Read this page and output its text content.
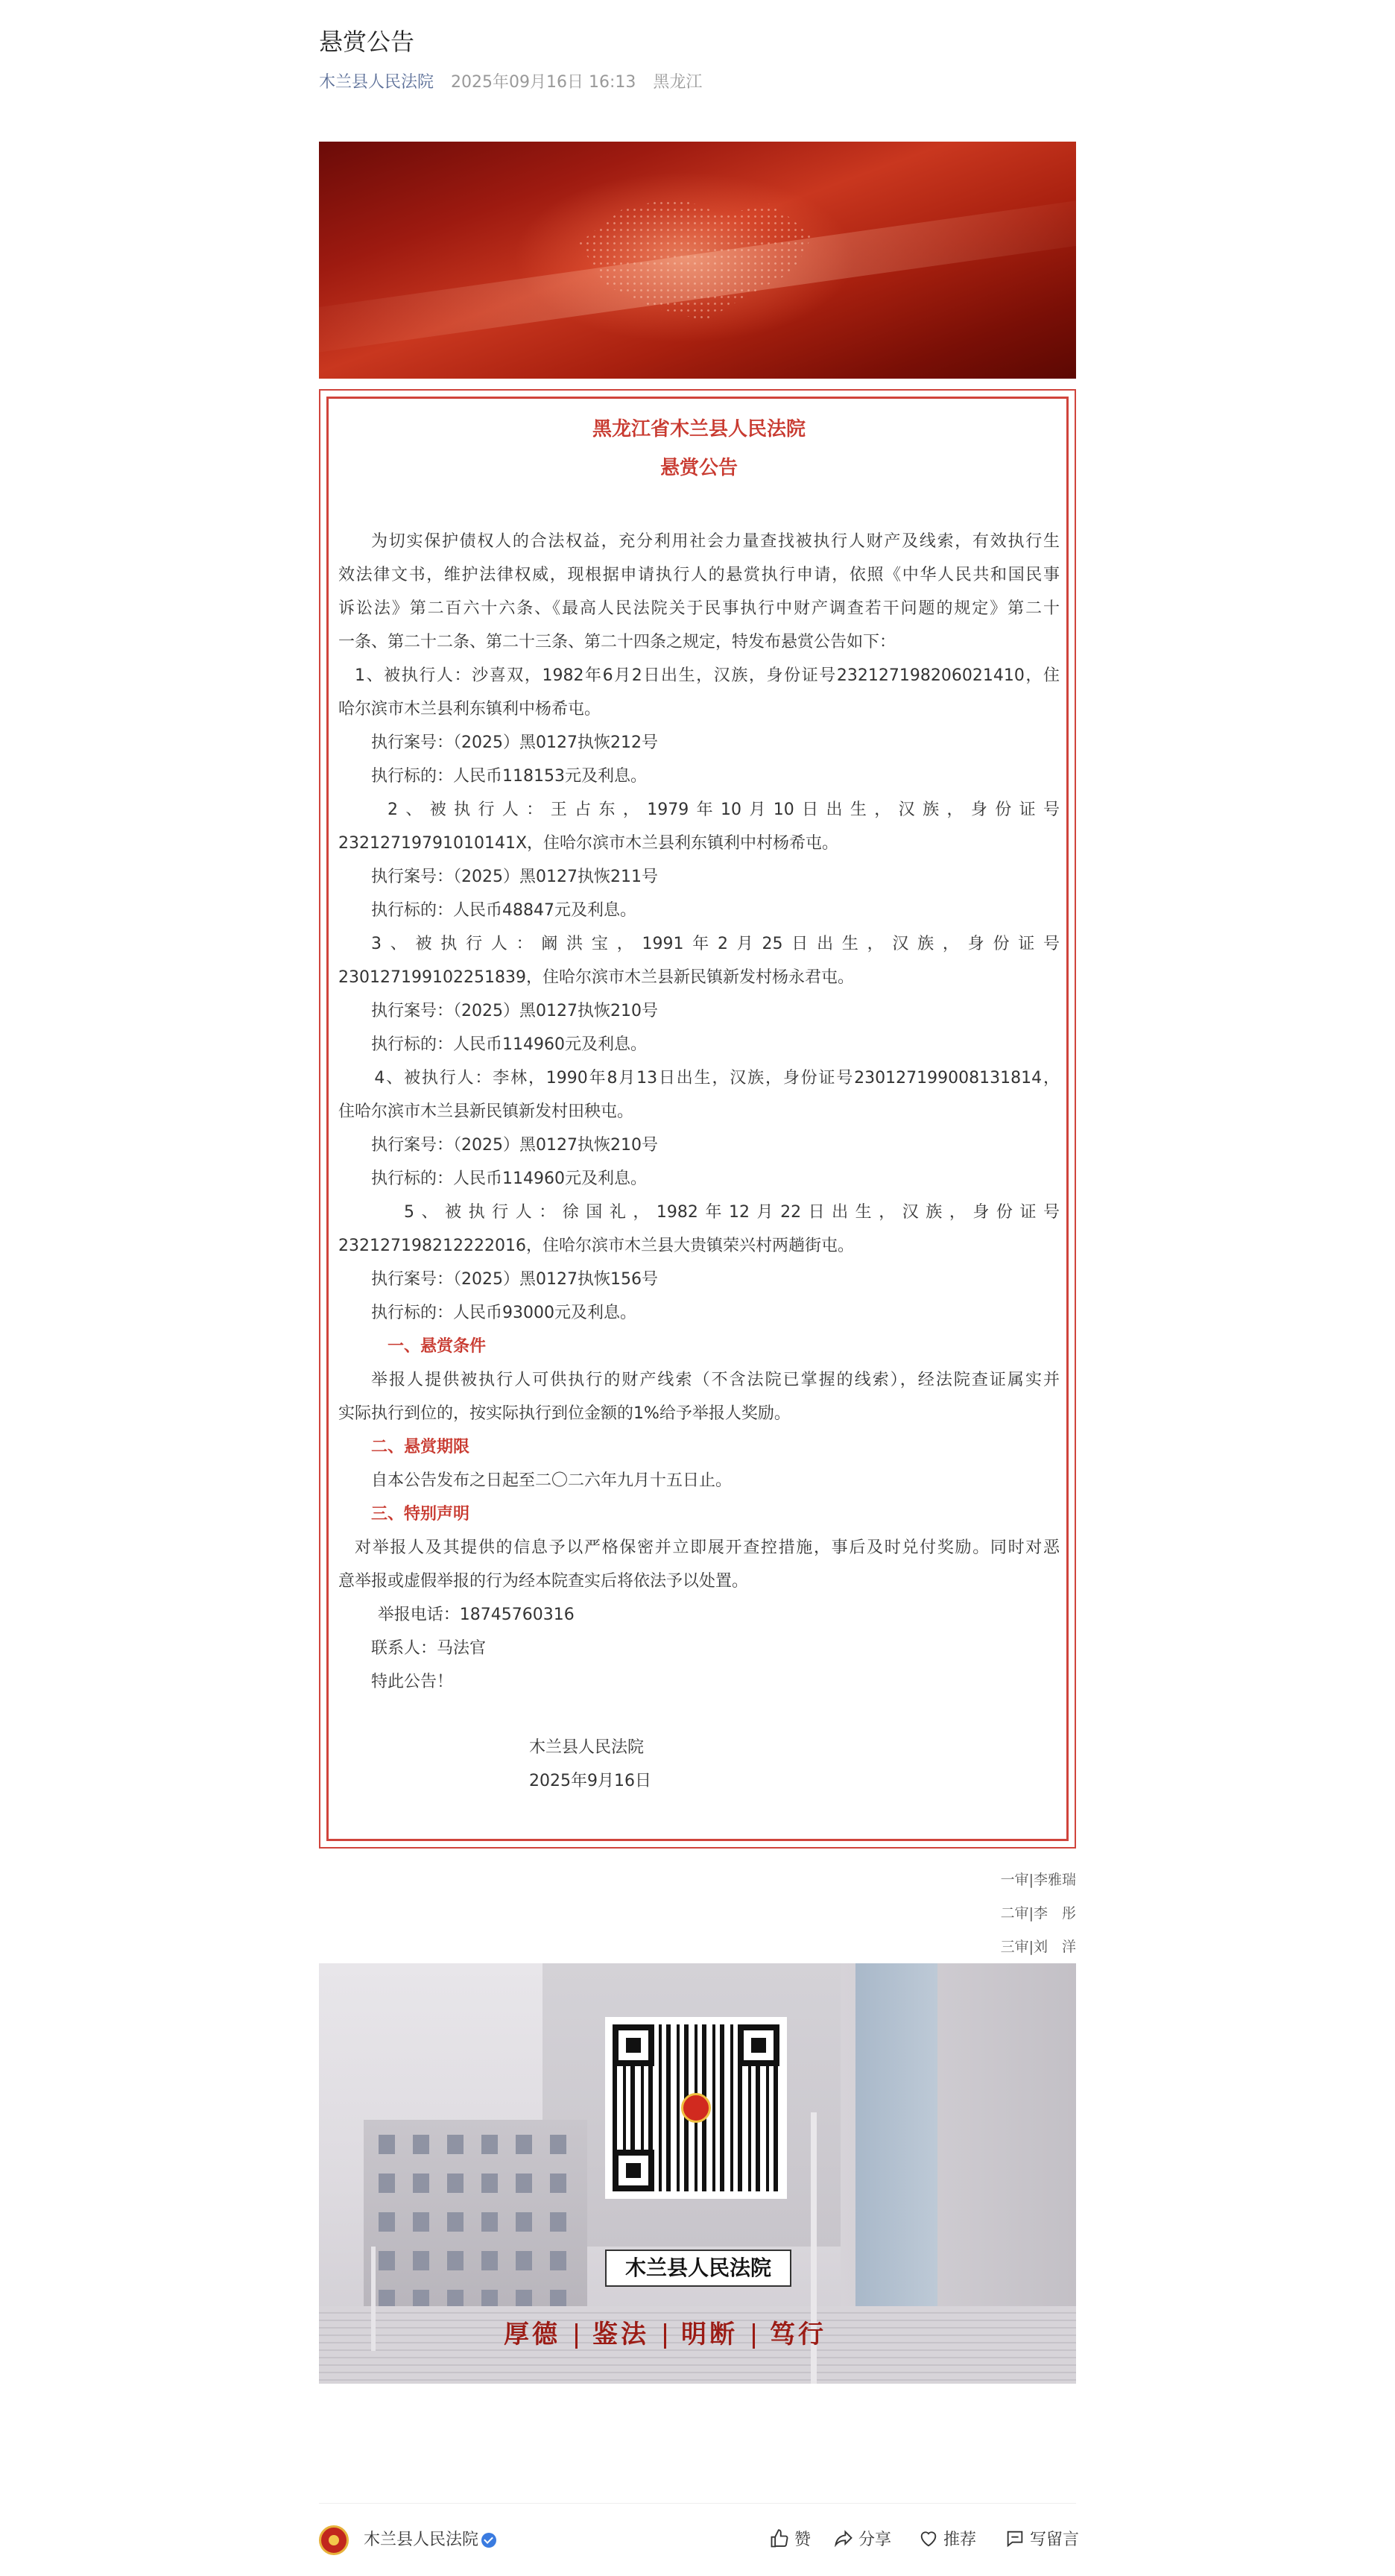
悬赏公告
木兰县人民法院 2025年09月16日 16:13 黑龙江
黑龙江省木兰县人民法院
悬赏公告
为切实保护债权人的合法权益，充分利用社会力量查找被执行人财产及线索，有效执行生
效法律文书，维护法律权威，现根据申请执行人的悬赏执行申请，依照《中华人民共和国民事
诉讼法》第二百六十六条、《最高人民法院关于民事执行中财产调查若干问题的规定》第二十
一条、第二十二条、第二十三条、第二十四条之规定，特发布悬赏公告如下：
1、被执行人：沙喜双，1982年6月2日出生，汉族，身份证号232127198206021410，住
哈尔滨市木兰县利东镇利中杨希屯。
执行案号：（2025）黑0127执恢212号
执行标的：人民币118153元及利息。
2、被执行人：王占东，1979年10月10日出生，汉族，身份证号
23212719791010141X，住哈尔滨市木兰县利东镇利中村杨希屯。
执行案号：（2025）黑0127执恢211号
执行标的：人民币48847元及利息。
3、被执行人：阚洪宝，1991年2月25日出生，汉族，身份证号
230127199102251839，住哈尔滨市木兰县新民镇新发村杨永君屯。
执行案号：（2025）黑0127执恢210号
执行标的：人民币114960元及利息。
4、被执行人：李林，1990年8月13日出生，汉族，身份证号230127199008131814，
住哈尔滨市木兰县新民镇新发村田秧屯。
执行案号：（2025）黑0127执恢210号
执行标的：人民币114960元及利息。
5、被执行人：徐国礼，1982年12月22日出生，汉族，身份证号
232127198212222016，住哈尔滨市木兰县大贵镇荣兴村两趟街屯。
执行案号：（2025）黑0127执恢156号
执行标的：人民币93000元及利息。
一、悬赏条件
举报人提供被执行人可供执行的财产线索（不含法院已掌握的线索），经法院查证属实并
实际执行到位的，按实际执行到位金额的1%给予举报人奖励。
二、悬赏期限
自本公告发布之日起至二〇二六年九月十五日止。
三、特别声明
对举报人及其提供的信息予以严格保密并立即展开查控措施，事后及时兑付奖励。同时对恶
意举报或虚假举报的行为经本院查实后将依法予以处置。
举报电话：18745760316
联系人：马法官
特此公告！
木兰县人民法院
2025年9月16日
一审|李雅瑞
二审|李　彤
三审|刘　洋
木兰县人民法院
厚德 鉴法 明断 笃行
木兰县人民法院	赞	分享	推荐	写留言
